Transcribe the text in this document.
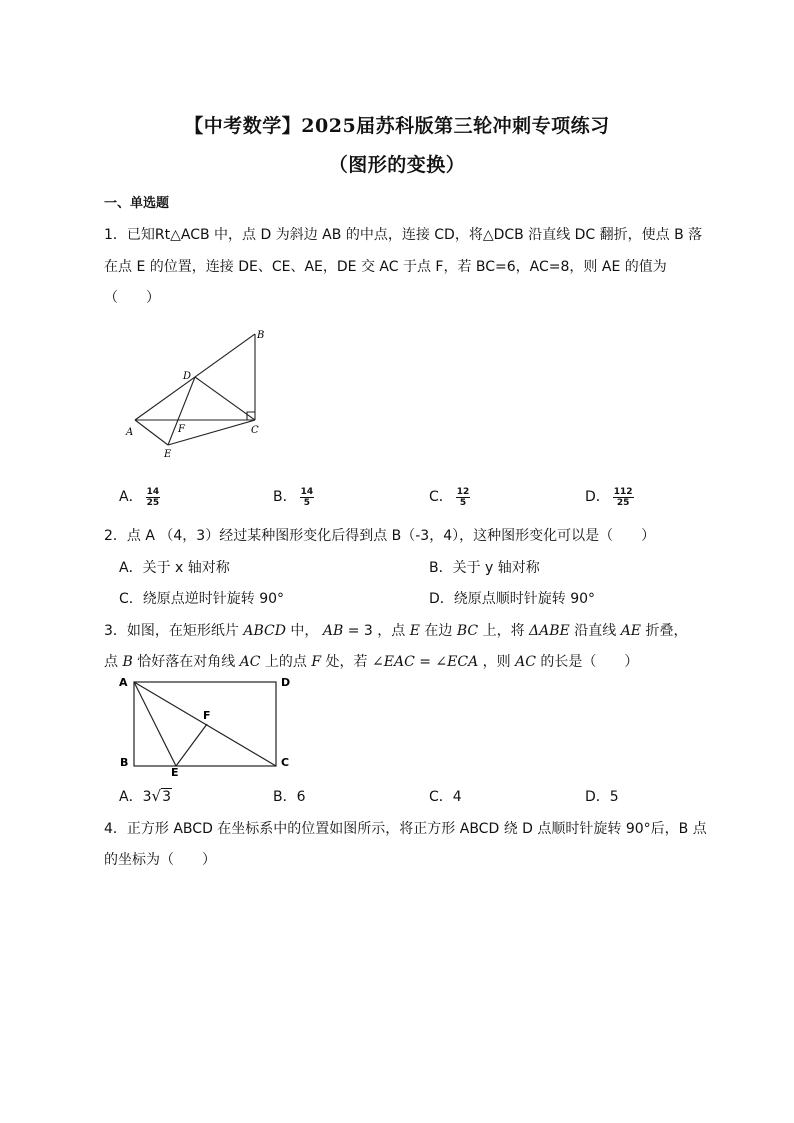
【中考数学】2025届苏科版第三轮冲刺专项练习
（图形的变换）
一、单选题
1．已知Rt△ACB 中，点 D 为斜边 AB 的中点，连接 CD，将△DCB 沿直线 DC 翻折，使点 B 落
在点 E 的位置，连接 DE、CE、AE，DE 交 AC 于点 F，若 BC=6，AC=8，则 AE 的值为
（　　）
B
D
A	F	C
E
A． $\frac{14}{25}$	B． $\frac{14}{5}$	C． $\frac{12}{5}$	D． $\frac{112}{25}$
2．点 A （4，3）经过某种图形变化后得到点 B（-3，4），这种图形变化可以是（　　）
A．关于 x 轴对称	B．关于 y 轴对称
C．绕原点逆时针旋转 90°	D．绕原点顺时针旋转 90°
3．如图，在矩形纸片 ABCD 中， AB = 3 ，点 E 在边 BC 上，将 ΔABE 沿直线 AE 折叠，
点 B 恰好落在对角线 AC 上的点 F 处，若 ∠EAC = ∠ECA ，则 AC 的长是（　　）
A	D
F
B
E
C
A．3√3	B．6	C．4	D．5
4．正方形 ABCD 在坐标系中的位置如图所示，将正方形 ABCD 绕 D 点顺时针旋转 90°后，B 点
的坐标为（　　）
